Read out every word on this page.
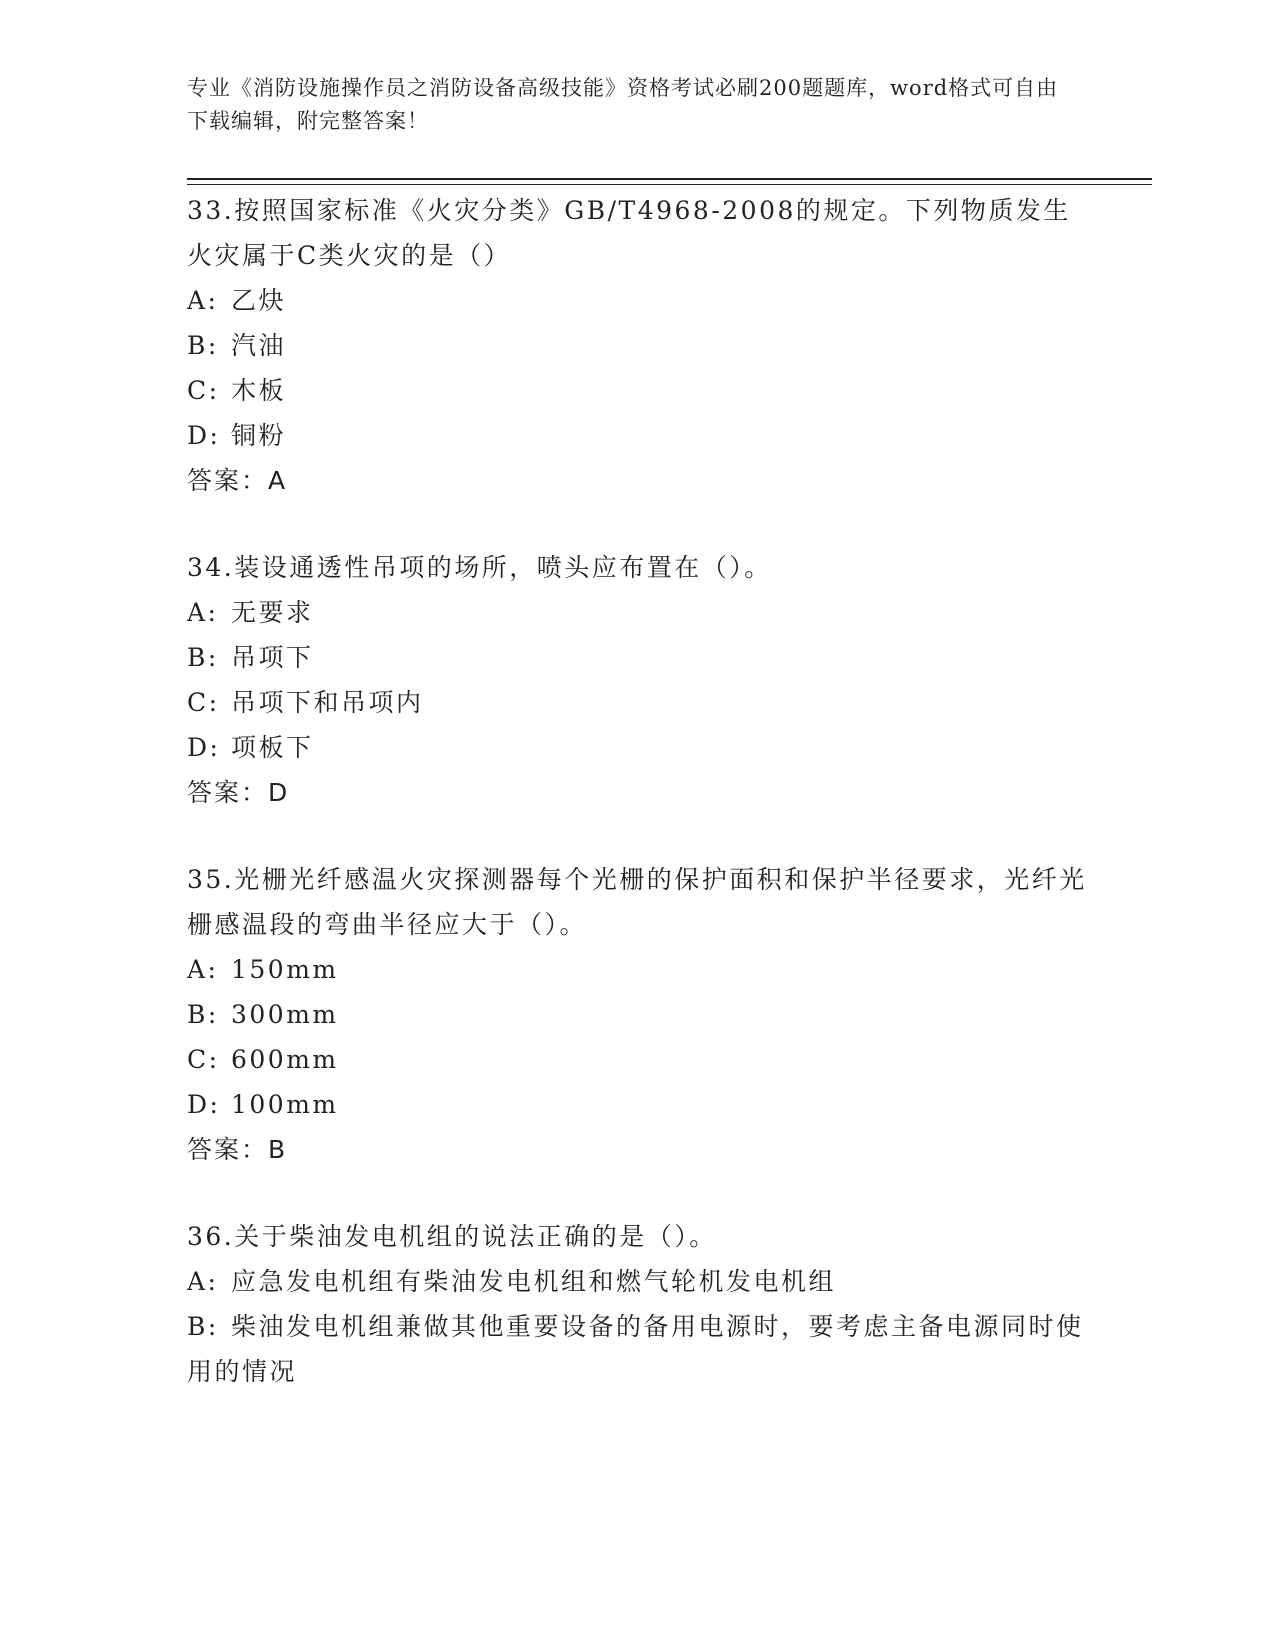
专业《消防设施操作员之消防设备高级技能》资格考试必刷200题题库，word格式可自由下载编辑，附完整答案！

33.按照国家标准《火灾分类》GB/T4968-2008的规定。下列物质发生火灾属于C类火灾的是（）

A: 乙炔

B: 汽油

C: 木板

D: 铜粉

答案：A

34.装设通透性吊项的场所，喷头应布置在（）。

A: 无要求

B: 吊项下

C: 吊项下和吊项内

D: 项板下

答案：D

35.光栅光纤感温火灾探测器每个光栅的保护面积和保护半径要求，光纤光栅感温段的弯曲半径应大于（）。

A: 150mm

B: 300mm

C: 600mm

D: 100mm

答案：B

36.关于柴油发电机组的说法正确的是（）。

A: 应急发电机组有柴油发电机组和燃气轮机发电机组

B: 柴油发电机组兼做其他重要设备的备用电源时，要考虑主备电源同时使用的情况
